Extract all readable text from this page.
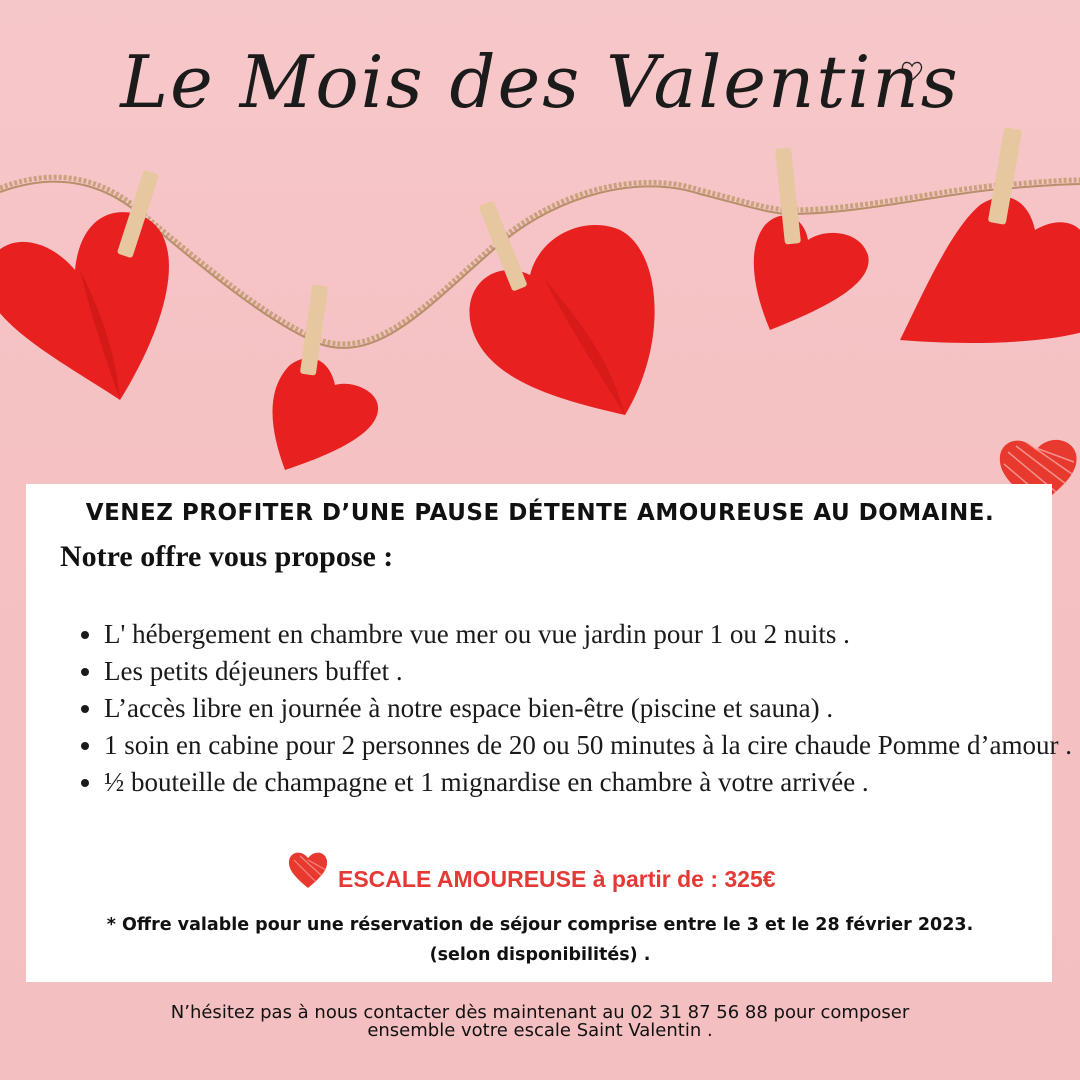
Le Mois des Valentins
VENEZ PROFITER D’UNE PAUSE DÉTENTE AMOUREUSE AU DOMAINE.
Notre offre vous propose :
• L' hébergement en chambre vue mer ou vue jardin pour 1 ou 2 nuits .
• Les petits déjeuners buffet .
• L’accès libre en journée à notre espace bien-être (piscine et sauna) .
• 1 soin en cabine pour 2 personnes de 20 ou 50 minutes à la cire chaude Pomme d’amour .
• ½ bouteille de champagne et 1 mignardise en chambre à votre arrivée .
ESCALE AMOUREUSE à partir de : 325€
* Offre valable pour une réservation de séjour comprise entre le 3 et le 28 février 2023.
(selon disponibilités) .
N’hésitez pas à nous contacter dès maintenant au 02 31 87 56 88 pour composer
ensemble votre escale Saint Valentin .
